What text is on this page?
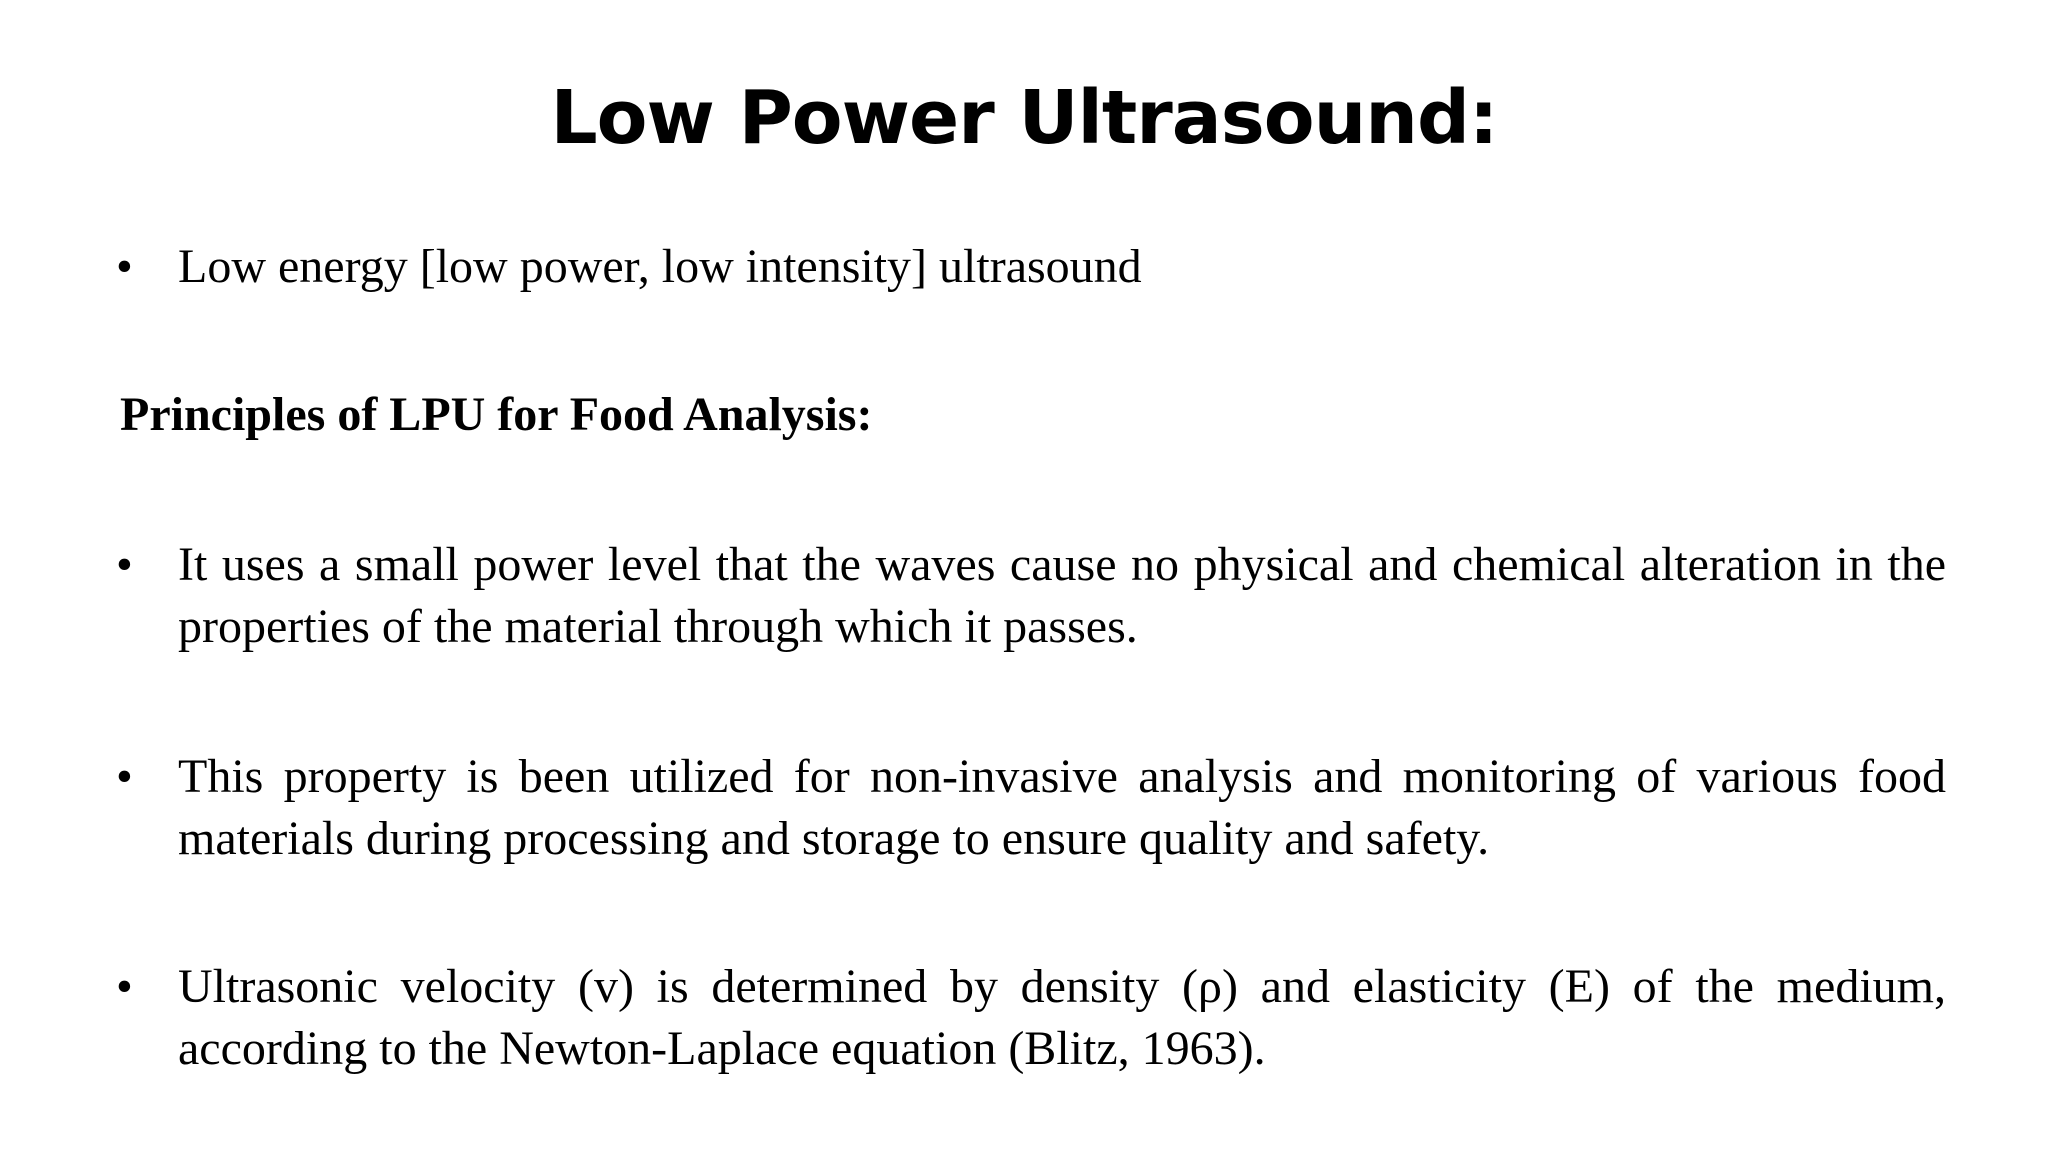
Low Power Ultrasound:
• Low energy [low power, low intensity] ultrasound
Principles of LPU for Food Analysis:
• It uses a small power level that the waves cause no physical and chemical alteration in the properties of the material through which it passes.
• This property is been utilized for non-invasive analysis and monitoring of various food materials during processing and storage to ensure quality and safety.
• Ultrasonic velocity (v) is determined by density (ρ) and elasticity (E) of the medium, according to the Newton-Laplace equation (Blitz, 1963).
